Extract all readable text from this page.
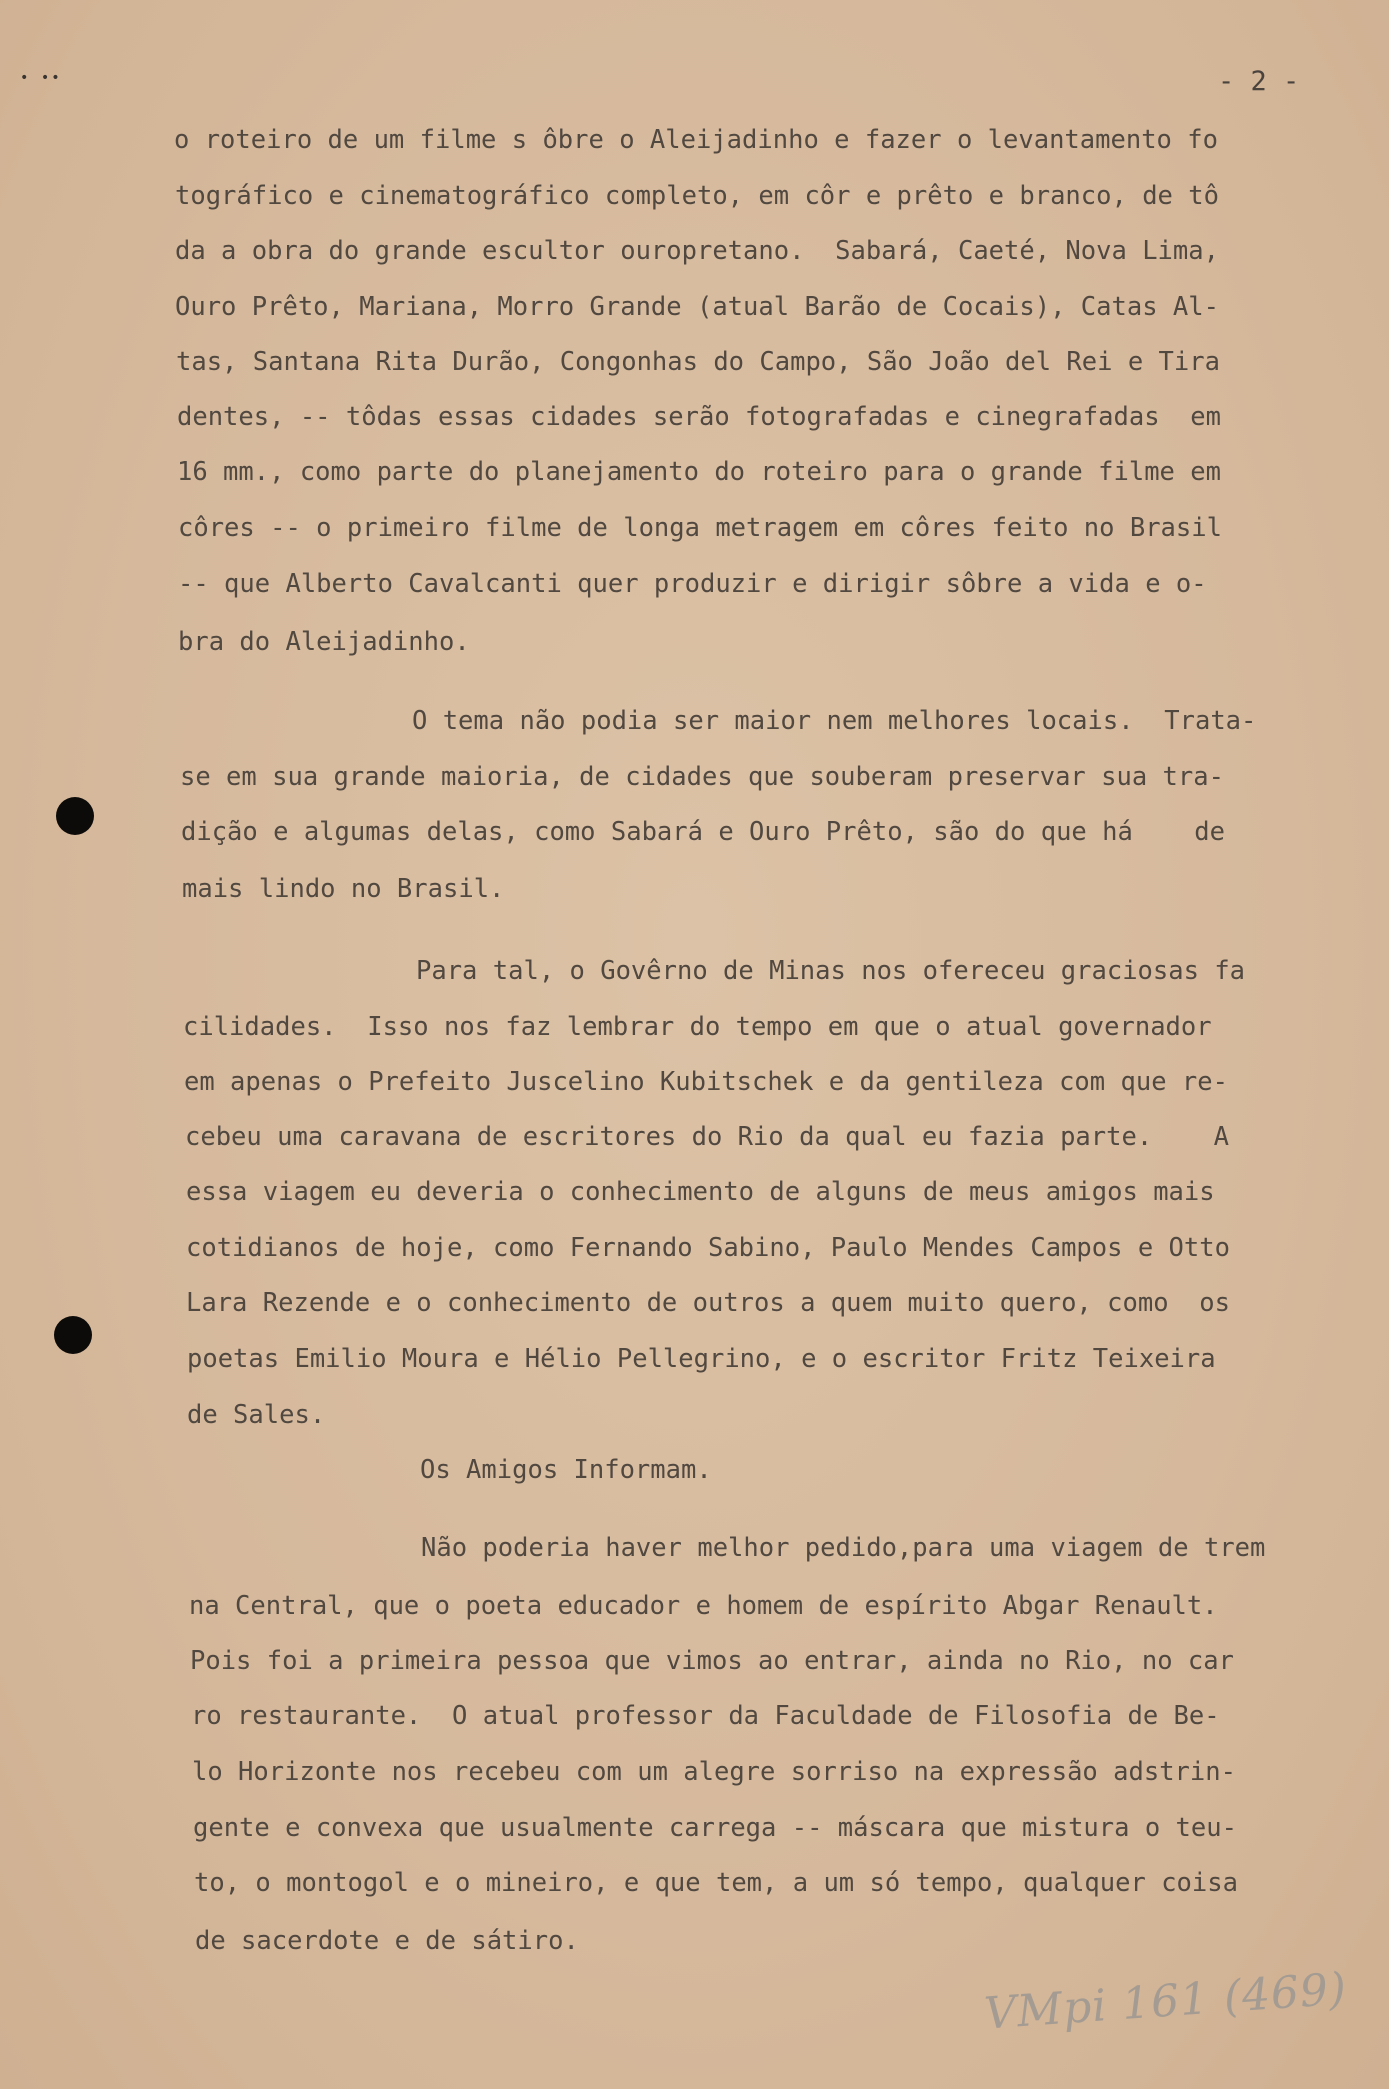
• ••	- 2 -
o roteiro de um filme s ôbre o Aleijadinho e fazer o levantamento fo
tográfico e cinematográfico completo, em côr e prêto e branco, de tô
da a obra do grande escultor ouropretano.  Sabará, Caeté, Nova Lima,
Ouro Prêto, Mariana, Morro Grande (atual Barão de Cocais), Catas Al-
tas, Santana Rita Durão, Congonhas do Campo, São João del Rei e Tira
dentes, -- tôdas essas cidades serão fotografadas e cinegrafadas  em
16 mm., como parte do planejamento do roteiro para o grande filme em
côres -- o primeiro filme de longa metragem em côres feito no Brasil
-- que Alberto Cavalcanti quer produzir e dirigir sôbre a vida e o-
bra do Aleijadinho.
O tema não podia ser maior nem melhores locais.  Trata-
se em sua grande maioria, de cidades que souberam preservar sua tra-
dição e algumas delas, como Sabará e Ouro Prêto, são do que há    de
mais lindo no Brasil.
Para tal, o Govêrno de Minas nos ofereceu graciosas fa
cilidades.  Isso nos faz lembrar do tempo em que o atual governador
em apenas o Prefeito Juscelino Kubitschek e da gentileza com que re-
cebeu uma caravana de escritores do Rio da qual eu fazia parte.    A
essa viagem eu deveria o conhecimento de alguns de meus amigos mais
cotidianos de hoje, como Fernando Sabino, Paulo Mendes Campos e Otto
Lara Rezende e o conhecimento de outros a quem muito quero, como  os
poetas Emilio Moura e Hélio Pellegrino, e o escritor Fritz Teixeira
de Sales.
Os Amigos Informam.
Não poderia haver melhor pedido,para uma viagem de trem
na Central, que o poeta educador e homem de espírito Abgar Renault.
Pois foi a primeira pessoa que vimos ao entrar, ainda no Rio, no car
ro restaurante.  O atual professor da Faculdade de Filosofia de Be-
lo Horizonte nos recebeu com um alegre sorriso na expressão adstrin-
gente e convexa que usualmente carrega -- máscara que mistura o teu-
to, o montogol e o mineiro, e que tem, a um só tempo, qualquer coisa
de sacerdote e de sátiro.
VMpi 161 (469)
